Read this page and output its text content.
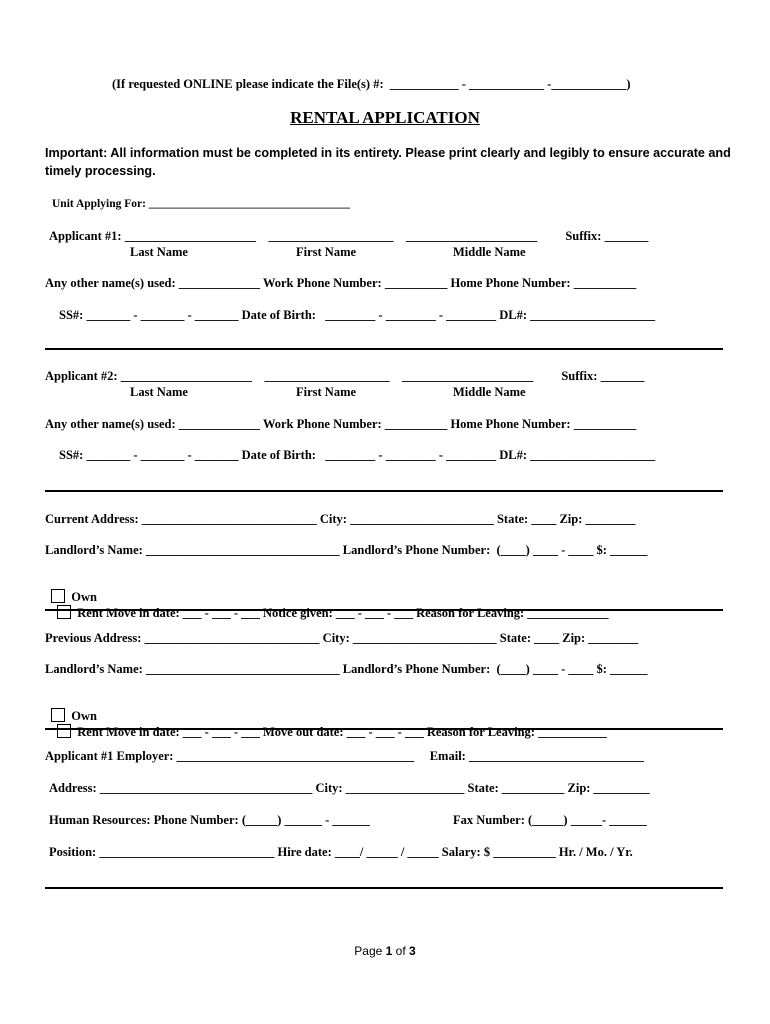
(If requested ONLINE please indicate the File(s) #:  ___________ - ____________ -____________)
RENTAL APPLICATION
Important: All information must be completed in its entirety. Please print clearly and legibly to ensure accurate and timely processing.
Unit Applying For: ___________________________________
Applicant #1: _____________________    ____________________    _____________________         Suffix: _______
Last Name	First Name	Middle Name
Any other name(s) used: _____________ Work Phone Number: __________ Home Phone Number: __________
SS#: _______ - _______ - _______ Date of Birth:   ________ - ________ - ________ DL#: ____________________
Applicant #2: _____________________    ____________________    _____________________         Suffix: _______
Last Name	First Name	Middle Name
Any other name(s) used: _____________ Work Phone Number: __________ Home Phone Number: __________
SS#: _______ - _______ - _______ Date of Birth:   ________ - ________ - ________ DL#: ____________________
Current Address: ____________________________ City: _______________________ State: ____ Zip: ________
Landlord’s Name: _______________________________ Landlord’s Phone Number:  (____) ____ - ____ $: ______

Own
Rent Move in date: ___ - ___ - ___ Notice given: ___ - ___ - ___ Reason for Leaving: _____________

Previous Address: ____________________________ City: _______________________ State: ____ Zip: ________
Landlord’s Name: _______________________________ Landlord’s Phone Number:  (____) ____ - ____ $: ______

Own
Rent Move in date: ___ - ___ - ___ Move out date: ___ - ___ - ___ Reason for Leaving: ___________

Applicant #1 Employer: ______________________________________     Email: ____________________________
Address: __________________________________ City: ___________________ State: __________ Zip: _________
Human Resources: Phone Number: (_____) ______ - ______	Fax Number: (_____) _____- ______
Position: ____________________________ Hire date: ____/ _____ / _____ Salary: $ __________ Hr. / Mo. / Yr.
Page 1 of 3
